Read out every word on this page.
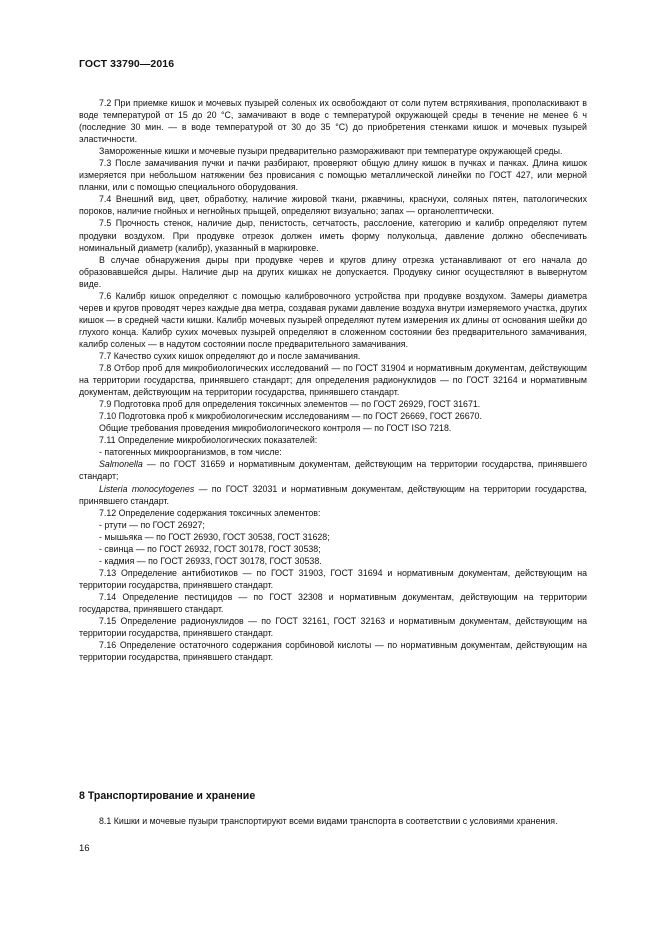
ГОСТ 33790—2016

7.2 При приемке кишок и мочевых пузырей соленых их освобождают от соли путем встряхивания, прополаскивают в воде температурой от 15 до 20 °С, замачивают в воде с температурой окружающей среды в течение не менее 6 ч (последние 30 мин. — в воде температурой от 30 до 35 °С) до приобретения стенками кишок и мочевых пузырей эластичности.

Замороженные кишки и мочевые пузыри предварительно размораживают при температуре окружающей среды.

7.3 После замачивания пучки и пачки разбирают, проверяют общую длину кишок в пучках и пачках. Длина кишок измеряется при небольшом натяжении без провисания с помощью металлической линейки по ГОСТ 427, или мерной планки, или с помощью специального оборудования.

7.4 Внешний вид, цвет, обработку, наличие жировой ткани, ржавчины, краснухи, соляных пятен, патологических пороков, наличие гнойных и негнойных прыщей, определяют визуально; запах — органолептически.

7.5 Прочность стенок, наличие дыр, пенистость, сетчатость, расслоение, категорию и калибр определяют путем продувки воздухом. При продувке отрезок должен иметь форму полукольца, давление должно обеспечивать номинальный диаметр (калибр), указанный в маркировке.

В случае обнаружения дыры при продувке черев и кругов длину отрезка устанавливают от его начала до образовавшейся дыры. Наличие дыр на других кишках не допускается. Продувку синюг осуществляют в вывернутом виде.

7.6 Калибр кишок определяют с помощью калибровочного устройства при продувке воздухом. Замеры диаметра черев и кругов проводят через каждые два метра, создавая руками давление воздуха внутри измеряемого участка, других кишок — в средней части кишки. Калибр мочевых пузырей определяют путем измерения их длины от основания шейки до глухого конца. Калибр сухих мочевых пузырей определяют в сложенном состоянии без предварительного замачивания, калибр соленых — в надутом состоянии после предварительного замачивания.

7.7 Качество сухих кишок определяют до и после замачивания.

7.8 Отбор проб для микробиологических исследований — по ГОСТ 31904 и нормативным документам, действующим на территории государства, принявшего стандарт; для определения радионуклидов — по ГОСТ 32164 и нормативным документам, действующим на территории государства, принявшего стандарт.

7.9 Подготовка проб для определения токсичных элементов — по ГОСТ 26929, ГОСТ 31671.

7.10 Подготовка проб к микробиологическим исследованиям — по ГОСТ 26669, ГОСТ 26670.

Общие требования проведения микробиологического контроля — по ГОСТ ISO 7218.

7.11 Определение микробиологических показателей:

- патогенных микроорганизмов, в том числе:

Salmonella — по ГОСТ 31659 и нормативным документам, действующим на территории государства, принявшего стандарт;

Listeria monocytogenes — по ГОСТ 32031 и нормативным документам, действующим на территории государства, принявшего стандарт.

7.12 Определение содержания токсичных элементов:

- ртути — по ГОСТ 26927;

- мышьяка — по ГОСТ 26930, ГОСТ 30538, ГОСТ 31628;

- свинца — по ГОСТ 26932, ГОСТ 30178, ГОСТ 30538;

- кадмия — по ГОСТ 26933, ГОСТ 30178, ГОСТ 30538.

7.13 Определение антибиотиков — по ГОСТ 31903, ГОСТ 31694 и нормативным документам, действующим на территории государства, принявшего стандарт.

7.14 Определение пестицидов — по ГОСТ 32308 и нормативным документам, действующим на территории государства, принявшего стандарт.

7.15 Определение радионуклидов — по ГОСТ 32161, ГОСТ 32163 и нормативным документам, действующим на территории государства, принявшего стандарт.

7.16 Определение остаточного содержания сорбиновой кислоты — по нормативным документам, действующим на территории государства, принявшего стандарт.

8 Транспортирование и хранение

8.1 Кишки и мочевые пузыри транспортируют всеми видами транспорта в соответствии с условиями хранения.

16
